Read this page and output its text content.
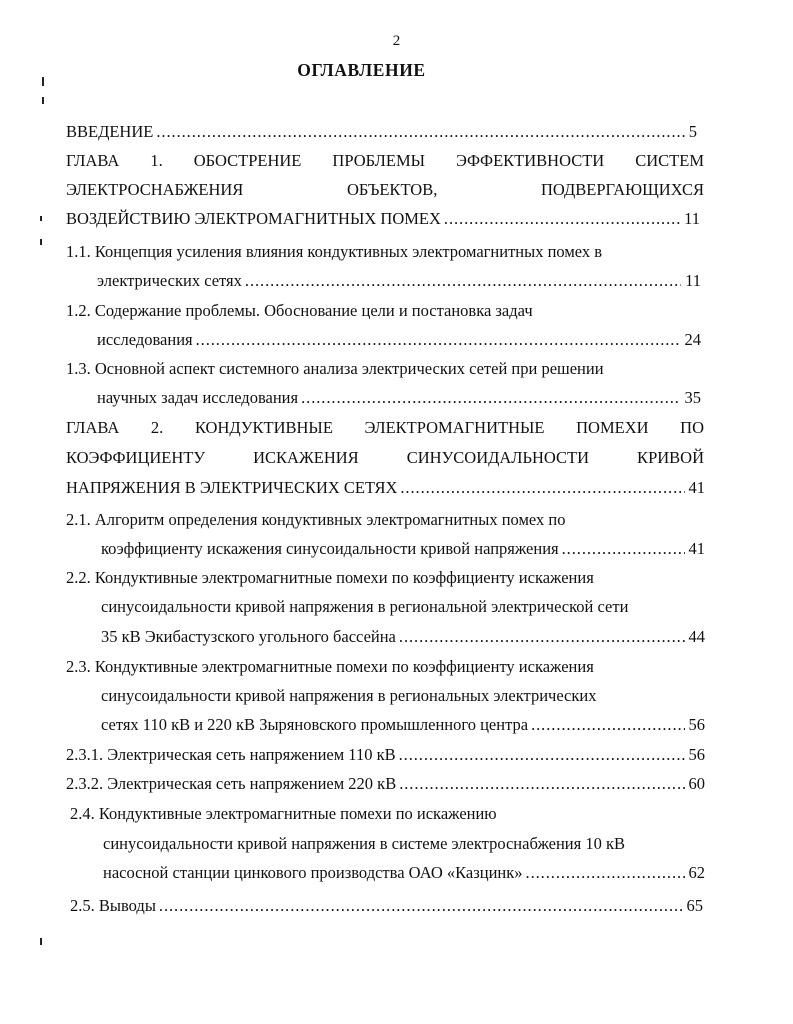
2
ОГЛАВЛЕНИЕ
ВВЕДЕНИЕ . . .	5
ГЛАВА 1. ОБОСТРЕНИЕ ПРОБЛЕМЫ ЭФФЕКТИВНОСТИ СИСТЕМ
ЭЛЕКТРОСНАБЖЕНИЯ ОБЪЕКТОВ, ПОДВЕРГАЮЩИХСЯ
ВОЗДЕЙСТВИЮ ЭЛЕКТРОМАГНИТНЫХ ПОМЕХ . . .	11
1.1. Концепция усиления влияния кондуктивных электромагнитных помех в
электрических сетях . . .	11
1.2. Содержание проблемы. Обоснование цели и постановка задач
исследования . . .	24
1.3. Основной аспект системного анализа электрических сетей при решении
научных задач исследования . . .	35
ГЛАВА 2. КОНДУКТИВНЫЕ ЭЛЕКТРОМАГНИТНЫЕ ПОМЕХИ ПО
КОЭФФИЦИЕНТУ ИСКАЖЕНИЯ СИНУСОИДАЛЬНОСТИ КРИВОЙ
НАПРЯЖЕНИЯ В ЭЛЕКТРИЧЕСКИХ СЕТЯХ . . .	41
2.1. Алгоритм определения кондуктивных электромагнитных помех по
коэффициенту искажения синусоидальности кривой напряжения . . .	41
2.2. Кондуктивные электромагнитные помехи по коэффициенту искажения
синусоидальности кривой напряжения в региональной электрической сети
35 кВ Экибастузского угольного бассейна . . .	44
2.3. Кондуктивные электромагнитные помехи по коэффициенту искажения
синусоидальности кривой напряжения в региональных электрических
сетях 110 кВ и 220 кВ Зыряновского промышленного центра . . .	56
2.3.1. Электрическая сеть напряжением 110 кВ . . .	56
2.3.2. Электрическая сеть напряжением 220 кВ . . .	60
2.4. Кондуктивные электромагнитные помехи по искажению
синусоидальности кривой напряжения в системе электроснабжения 10 кВ
насосной станции цинкового производства ОАО «Казцинк» . . .	62
2.5. Выводы . . .	65
